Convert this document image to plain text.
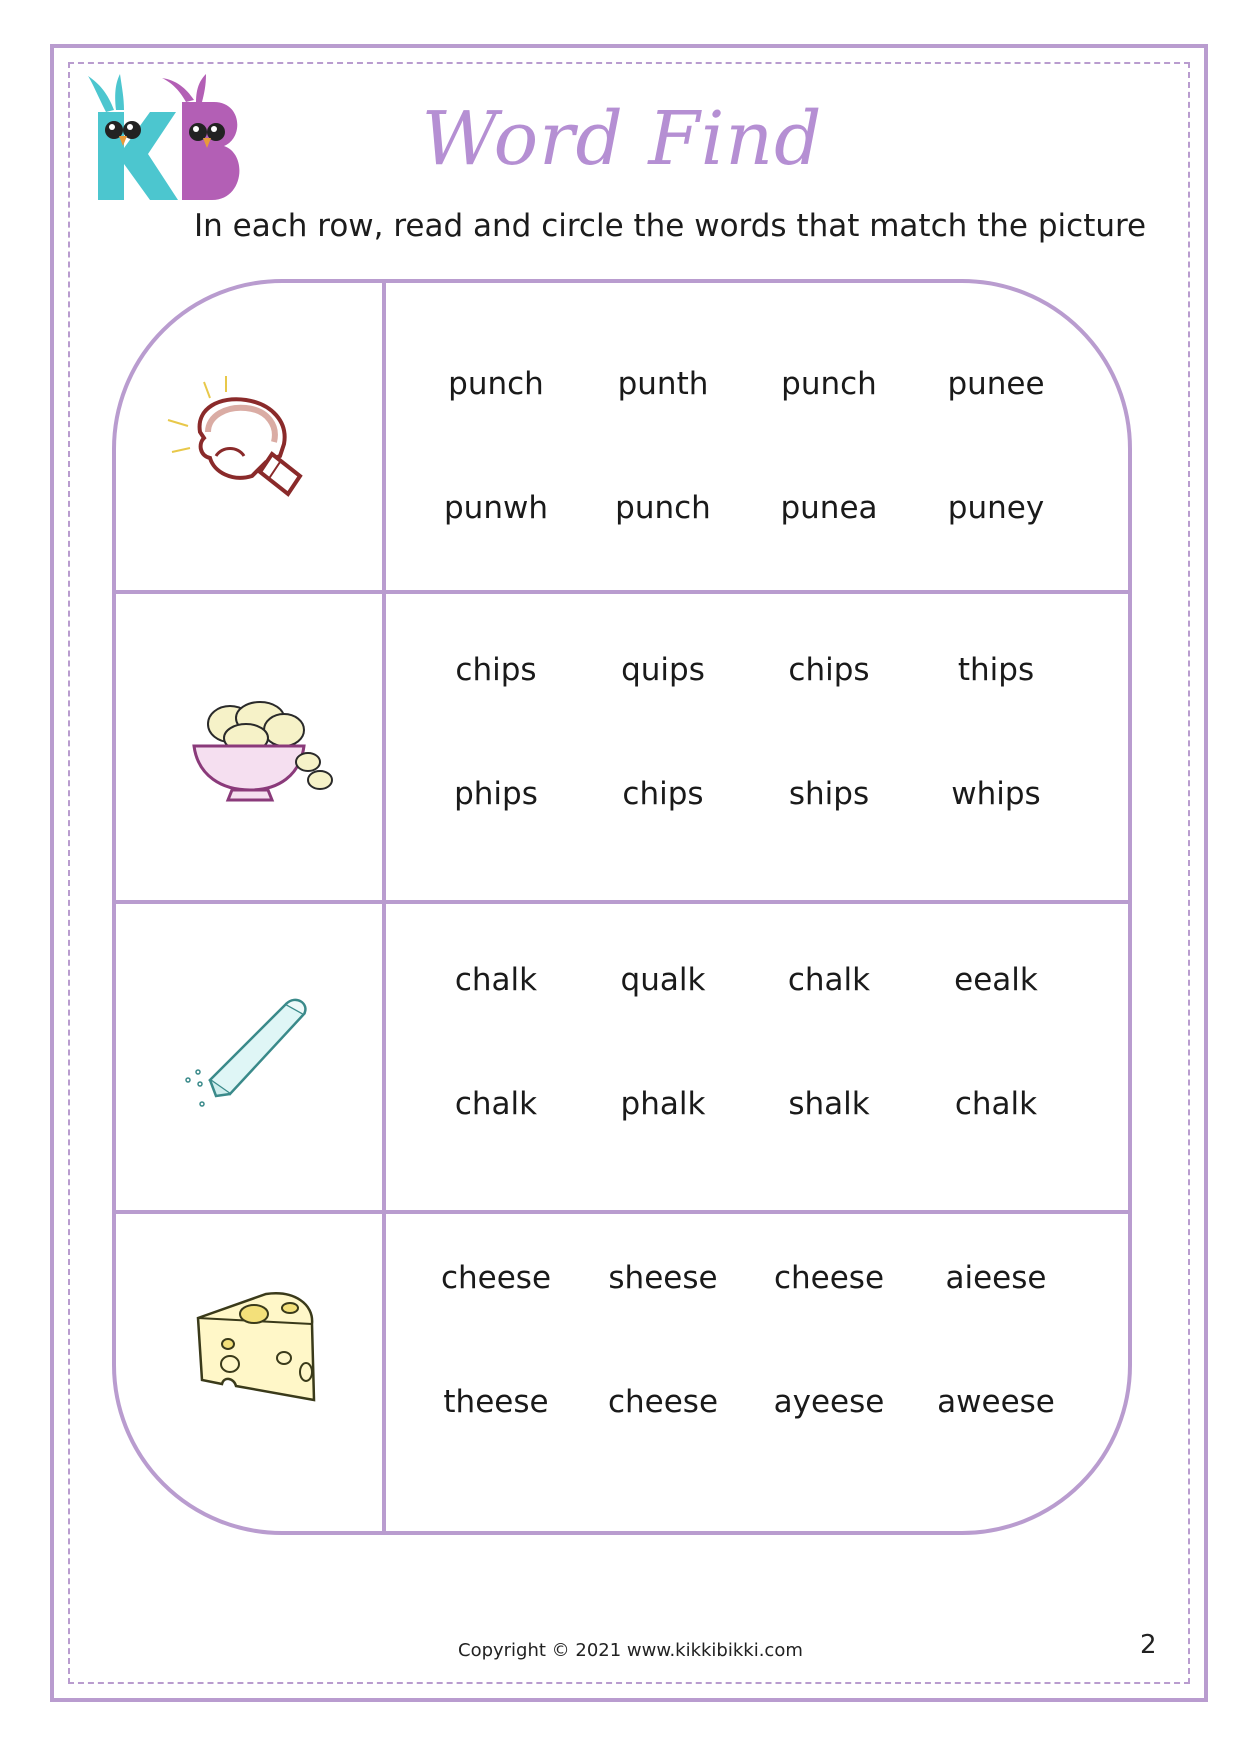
Word Find
In each row, read and circle the words that match the picture
punch	punth	punch	punee
punwh	punch	punea	puney
chips	quips	chips	thips
phips	chips	ships	whips
chalk	qualk	chalk	eealk
chalk	phalk	shalk	chalk
cheese	sheese	cheese	aieese
theese	cheese	ayeese	aweese
Copyright © 2021 www.kikkibikki.com	2
